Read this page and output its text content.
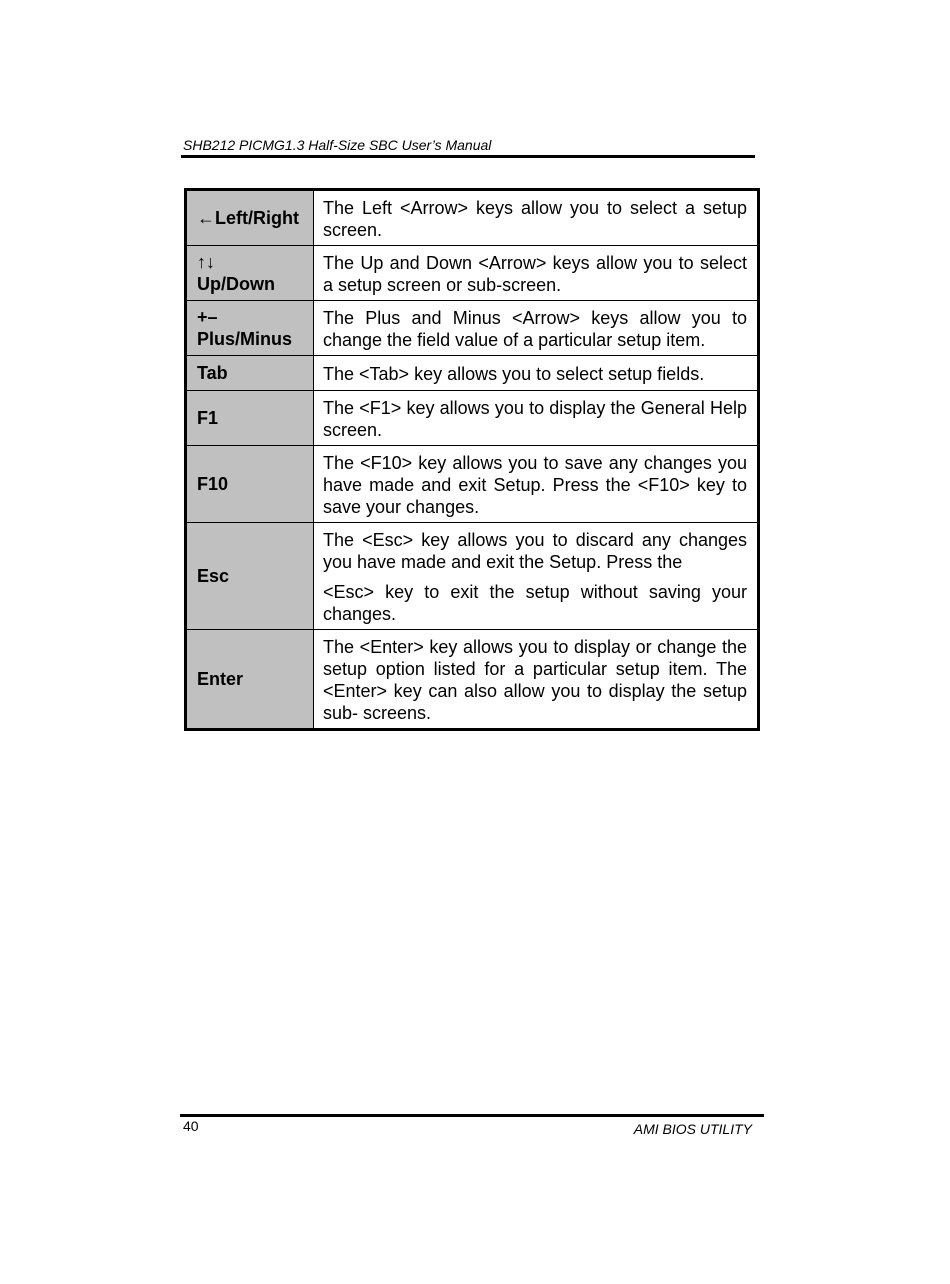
SHB212 PICMG1.3 Half-Size SBC User’s Manual
←Left/Right	The Left <Arrow> keys allow you to select a setup screen.

↑↓
Up/Down	The Up and Down <Arrow> keys allow you to select a setup screen or sub-screen.

+–
Plus/Minus	The Plus and Minus <Arrow> keys allow you to change the field value of a particular setup item.

Tab	The <Tab> key allows you to select setup fields.

F1	The <F1> key allows you to display the General Help screen.

F10	The <F10> key allows you to save any changes you have made and exit Setup. Press the <F10> key to save your changes.

Esc	The <Esc> key allows you to discard any changes you have made and exit the Setup. Press the

<Esc> key to exit the setup without saving your changes.

Enter	The <Enter> key allows you to display or change the setup option listed for a particular setup item. The <Enter> key can also allow you to display the setup sub- screens.

40	AMI BIOS UTILITY
